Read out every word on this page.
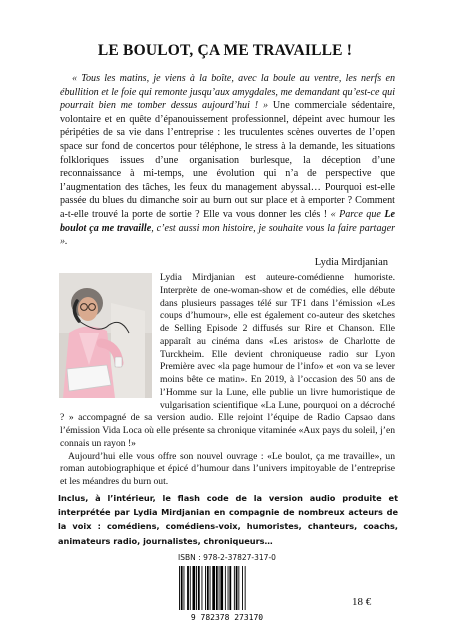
LE BOULOT, ÇA ME TRAVAILLE !

« Tous les matins, je viens à la boîte, avec la boule au ventre, les nerfs en ébullition et le foie qui remonte jusqu’aux amygdales, me demandant qu’est-ce qui pourrait bien me tomber dessus aujourd’hui ! » Une commerciale sédentaire, volontaire et en quête d’épanouissement professionnel, dépeint avec humour les péripéties de sa vie dans l’entreprise : les truculentes scènes ouvertes de l’open space sur fond de concertos pour téléphone, le stress à la demande, les situations folkloriques issues d’une organisation burlesque, la déception d’une reconnaissance à mi-temps, une évolution qui n’a de perspective que l’augmentation des tâches, les feux du management abyssal… Pourquoi est-elle passée du blues du dimanche soir au burn out sur place et à emporter ? Comment a-t-elle trouvé la porte de sortie ? Elle va vous donner les clés ! « Parce que Le boulot ça me travaille, c’est aussi mon histoire, je souhaite vous la faire partager ».

Lydia Mirdjanian

Lydia Mirdjanian est auteure-comédienne humoriste. Interprète de one-woman-show et de comédies, elle débute dans plusieurs passages télé sur TF1 dans l’émission «Les coups d’humour», elle est également co-auteur des sketches de Selling Episode 2 diffusés sur Rire et Chanson. Elle apparaît au cinéma dans «Les aristos» de Charlotte de Turckheim. Elle devient chroniqueuse radio sur Lyon Première avec «la page humour de l’info» et «on va se lever moins bête ce matin». En 2019, à l’occasion des 50 ans de l’Homme sur la Lune, elle publie un livre humoristique de vulgarisation scientifique «La Lune, pourquoi on a décroché ? » accompagné de sa version audio. Elle rejoint l’équipe de Radio Capsao dans l’émission Vida Loca où elle présente sa chronique vitaminée «Aux pays du soleil, j’en connais un rayon !»

Aujourd’hui elle vous offre son nouvel ouvrage : «Le boulot, ça me travaille», un roman autobiographique et épicé d’humour dans l’univers impitoyable de l’entreprise et les méandres du burn out.

Inclus, à l’intérieur, le flash code de la version audio produite et interprétée par Lydia Mirdjanian en compagnie de nombreux acteurs de la voix : comédiens, comédiens-voix, humoristes, chanteurs, coachs, animateurs radio, journalistes, chroniqueurs…
ISBN : 978-2-37827-317-0
9 782378 273170
18 €
